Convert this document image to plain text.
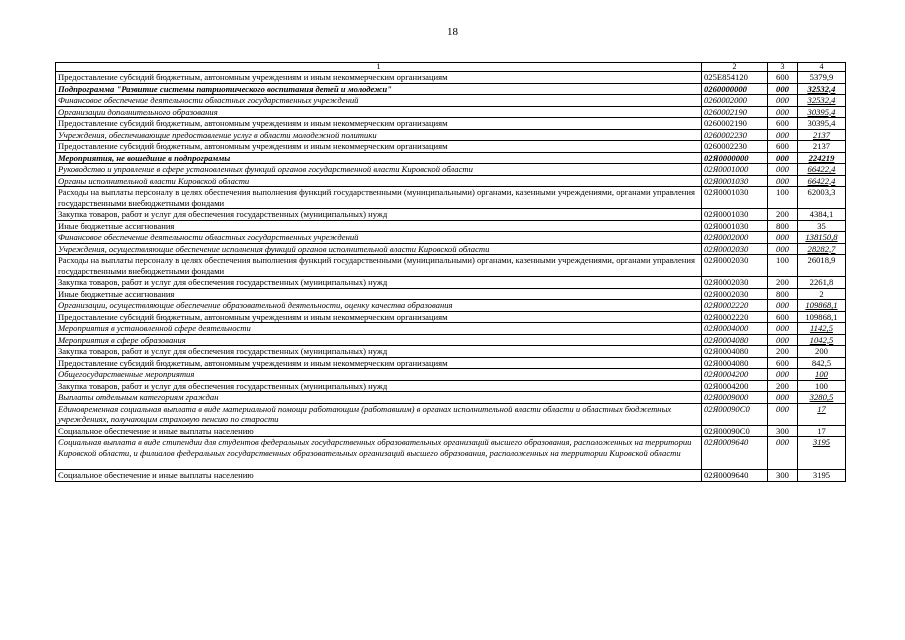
18
1	2	3	4
Предоставление субсидий бюджетным, автономным учреждениям и иным некоммерческим организациям	025E854120	600	5379,9
Подпрограмма "Развитие системы патриотического воспитания детей и молодежи"	0260000000	000	32532,4
Финансовое обеспечение деятельности областных государственных учреждений	0260002000	000	32532,4
Организации дополнительного образования	0260002190	000	30395,4
Предоставление субсидий бюджетным, автономным учреждениям и иным некоммерческим организациям	0260002190	600	30395,4
Учреждения, обеспечивающие предоставление услуг в области молодежной политики	0260002230	000	2137
Предоставление субсидий бюджетным, автономным учреждениям и иным некоммерческим организациям	0260002230	600	2137
Мероприятия, не вошедшие в подпрограммы	02Я0000000	000	224219
Руководство и управление в сфере установленных функций органов государственной власти Кировской области	02Я0001000	000	66422,4
Органы исполнительной власти Кировской области	02Я0001030	000	66422,4
Расходы на выплаты персоналу в целях обеспечения выполнения функций государственными (муниципальными) органами, казенными учреждениями, органами управления государственными внебюджетными фондами	02Я0001030	100	62003,3
Закупка товаров, работ и услуг для обеспечения государственных (муниципальных) нужд	02Я0001030	200	4384,1
Иные бюджетные ассигнования	02Я0001030	800	35
Финансовое обеспечение деятельности областных государственных учреждений	02Я0002000	000	138150,8
Учреждения, осуществляющие обеспечение исполнения функций органов исполнительной власти Кировской области	02Я0002030	000	28282,7
Расходы на выплаты персоналу в целях обеспечения выполнения функций государственными (муниципальными) органами, казенными учреждениями, органами управления государственными внебюджетными фондами	02Я0002030	100	26018,9
Закупка товаров, работ и услуг для обеспечения государственных (муниципальных) нужд	02Я0002030	200	2261,8
Иные бюджетные ассигнования	02Я0002030	800	2
Организации, осуществляющие обеспечение образовательной деятельности, оценку качества образования	02Я0002220	000	109868,1
Предоставление субсидий бюджетным, автономным учреждениям и иным некоммерческим организациям	02Я0002220	600	109868,1
Мероприятия в установленной сфере деятельности	02Я0004000	000	1142,5
Мероприятия в сфере образования	02Я0004080	000	1042,5
Закупка товаров, работ и услуг для обеспечения государственных (муниципальных) нужд	02Я0004080	200	200
Предоставление субсидий бюджетным, автономным учреждениям и иным некоммерческим организациям	02Я0004080	600	842,5
Общегосударственные мероприятия	02Я0004200	000	100
Закупка товаров, работ и услуг для обеспечения государственных (муниципальных) нужд	02Я0004200	200	100
Выплаты отдельным категориям граждан	02Я0009000	000	3280,5
Единовременная социальная выплата в виде материальной помощи работающим (работавшим) в органах исполнительной власти области и областных бюджетных учреждениях, получающим страховую пенсию по старости	02Я00090С0	000	17
Социальное обеспечение и иные выплаты населению	02Я00090С0	300	17
Социальная выплата в виде стипендии для студентов федеральных государственных образовательных организаций высшего образования, расположенных на территории Кировской области, и филиалов федеральных государственных образовательных организаций высшего образования, расположенных на территории Кировской области	02Я0009640	000	3195
Социальное обеспечение и иные выплаты населению	02Я0009640	300	3195
